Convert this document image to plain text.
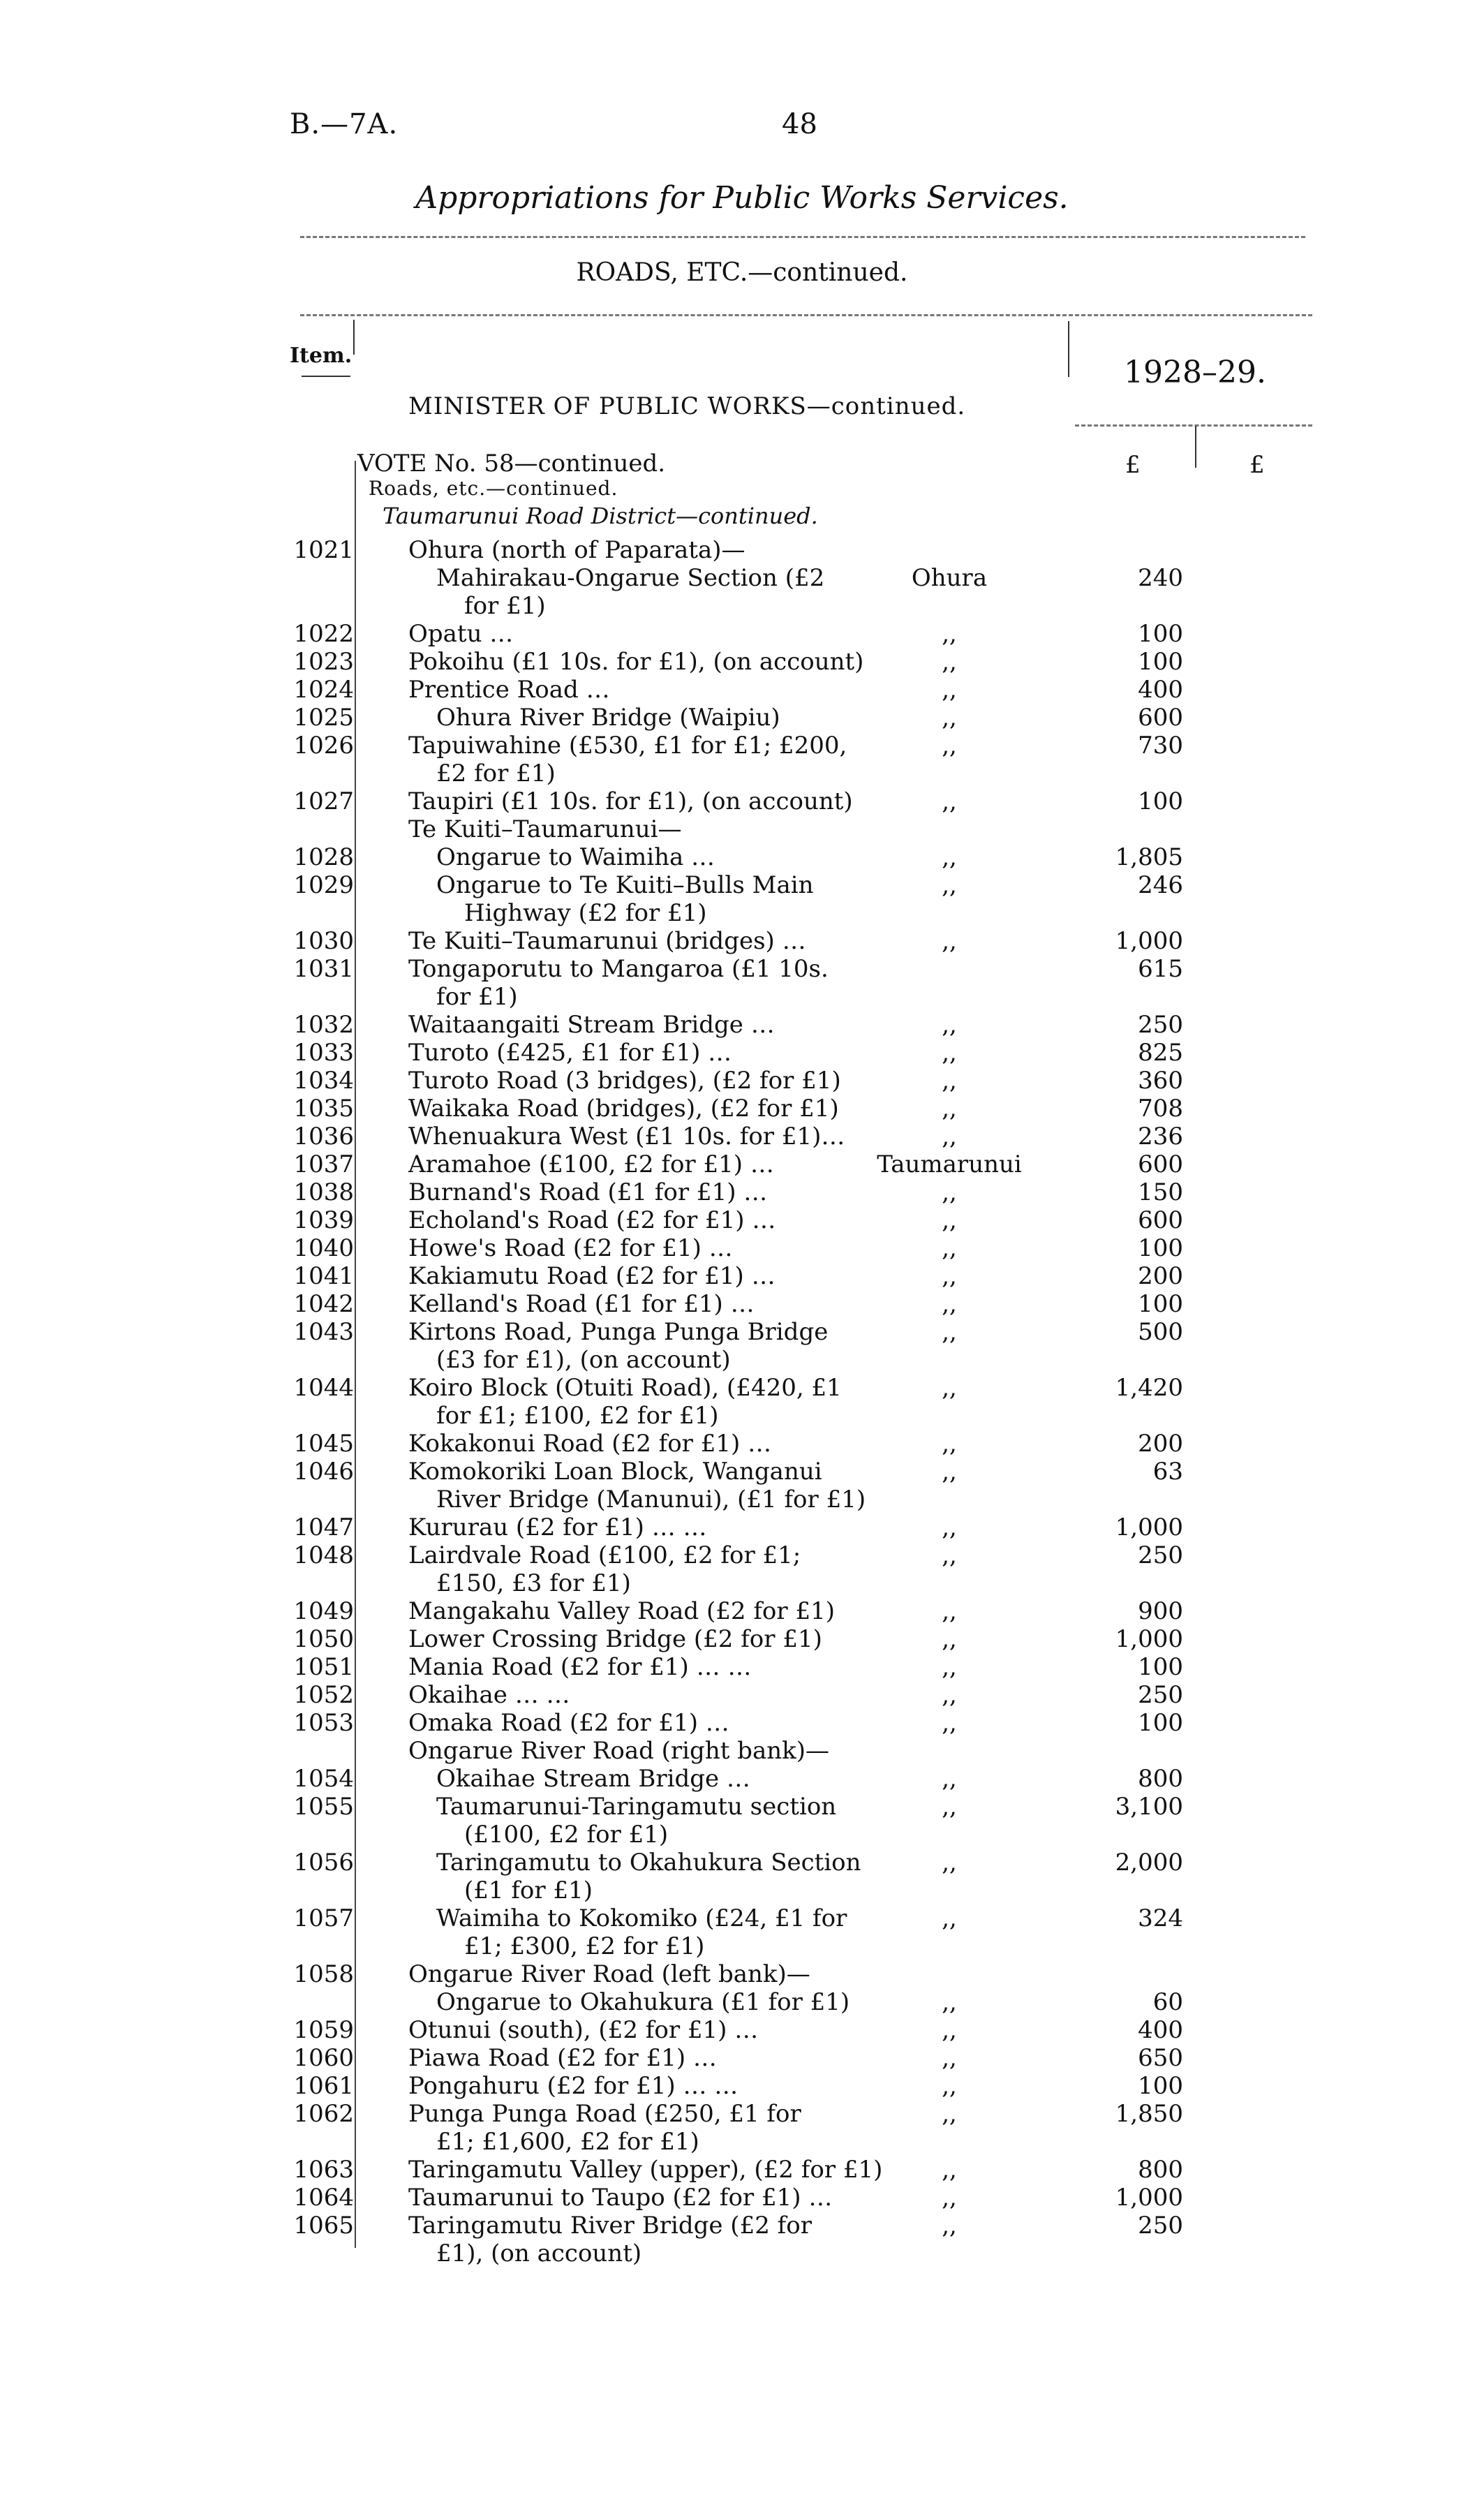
B.—7A.	48
Appropriations for Public Works Services.
ROADS, ETC.—continued.
Item.	1928–29.
MINISTER OF PUBLIC WORKS—continued.
VOTE No. 58—continued.	£	£
Roads, etc.—continued.
Taumarunui Road District—continued.
1021 Ohura (north of Paparata)—
Mahirakau-Ongarue Section (£2	Ohura	240
for £1)
1022 Opatu …	,,	100
1023 Pokoihu (£1 10s. for £1), (on account)	,,	100
1024 Prentice Road …	,,	400
1025	Ohura River Bridge (Waipiu)	,,	600
1026 Tapuiwahine (£530, £1 for £1; £200,	,,	730
£2 for £1)
1027 Taupiri (£1 10s. for £1), (on account)	,,	100
Te Kuiti–Taumarunui—
1028	Ongarue to Waimiha …	,,	1,805
1029	Ongarue to Te Kuiti–Bulls Main	,,	246
Highway (£2 for £1)
1030 Te Kuiti–Taumarunui (bridges) …	,,	1,000
1031 Tongaporutu to Mangaroa (£1 10s.	615
for £1)
1032 Waitaangaiti Stream Bridge …	,,	250
1033 Turoto (£425, £1 for £1) …	,,	825
1034 Turoto Road (3 bridges), (£2 for £1)	,,	360
1035 Waikaka Road (bridges), (£2 for £1)	,,	708
1036 Whenuakura West (£1 10s. for £1)…	,,	236
1037 Aramahoe (£100, £2 for £1) …	Taumarunui	600
1038 Burnand's Road (£1 for £1) …	,,	150
1039 Echoland's Road (£2 for £1) …	,,	600
1040 Howe's Road (£2 for £1) …	,,	100
1041 Kakiamutu Road (£2 for £1) …	,,	200
1042 Kelland's Road (£1 for £1) …	,,	100
1043 Kirtons Road, Punga Punga Bridge	,,	500
(£3 for £1), (on account)
1044 Koiro Block (Otuiti Road), (£420, £1	,,	1,420
for £1; £100, £2 for £1)
1045 Kokakonui Road (£2 for £1) …	,,	200
1046 Komokoriki Loan Block, Wanganui	,,	63
River Bridge (Manunui), (£1 for £1)
1047 Kururau (£2 for £1) … …	,,	1,000
1048 Lairdvale Road (£100, £2 for £1;	,,	250
£150, £3 for £1)
1049 Mangakahu Valley Road (£2 for £1)	,,	900
1050 Lower Crossing Bridge (£2 for £1)	,,	1,000
1051 Mania Road (£2 for £1) … …	,,	100
1052 Okaihae … …	,,	250
1053 Omaka Road (£2 for £1) …	,,	100
Ongarue River Road (right bank)—
1054	Okaihae Stream Bridge …	,,	800
1055	Taumarunui-Taringamutu section	,,	3,100
(£100, £2 for £1)
1056	Taringamutu to Okahukura Section	,,	2,000
(£1 for £1)
1057	Waimiha to Kokomiko (£24, £1 for	,,	324
£1; £300, £2 for £1)
1058 Ongarue River Road (left bank)—
Ongarue to Okahukura (£1 for £1)	,,	60
1059 Otunui (south), (£2 for £1) …	,,	400
1060 Piawa Road (£2 for £1) …	,,	650
1061 Pongahuru (£2 for £1) … …	,,	100
1062 Punga Punga Road (£250, £1 for	,,	1,850
£1; £1,600, £2 for £1)
1063 Taringamutu Valley (upper), (£2 for £1)	,,	800
1064 Taumarunui to Taupo (£2 for £1) …	,,	1,000
1065 Taringamutu River Bridge (£2 for	,,	250
£1), (on account)
